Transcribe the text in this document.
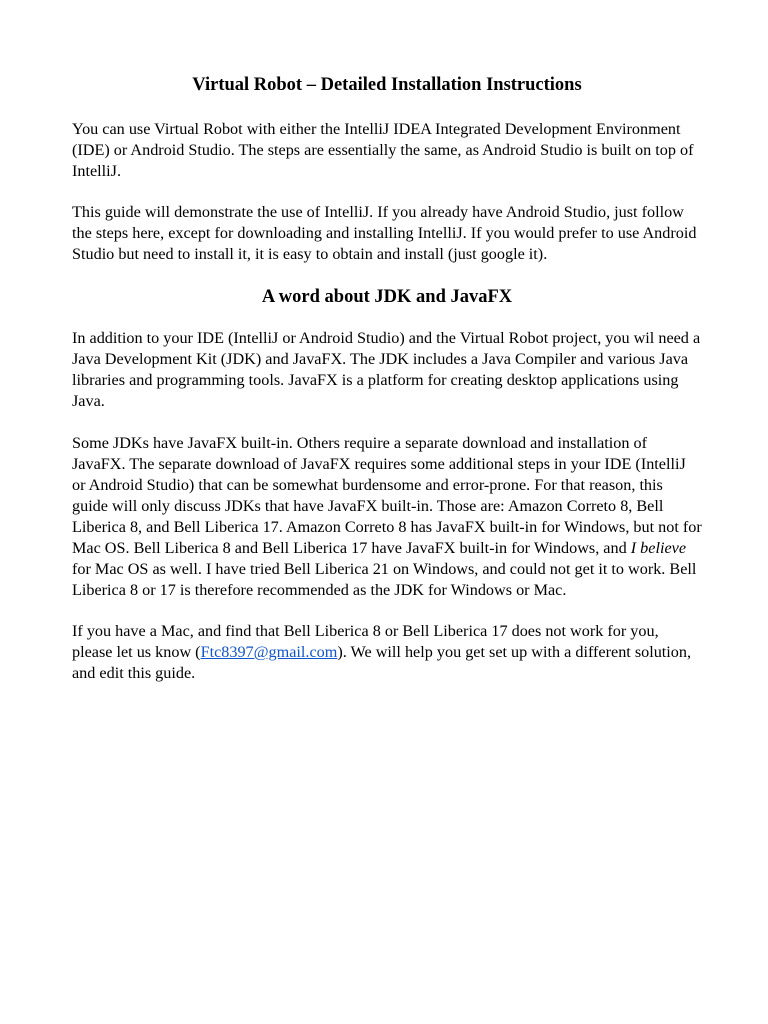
Virtual Robot – Detailed Installation Instructions

You can use Virtual Robot with either the IntelliJ IDEA Integrated Development Environment (IDE) or Android Studio. The steps are essentially the same, as Android Studio is built on top of IntelliJ.

This guide will demonstrate the use of IntelliJ. If you already have Android Studio, just follow the steps here, except for downloading and installing IntelliJ. If you would prefer to use Android Studio but need to install it, it is easy to obtain and install (just google it).

A word about JDK and JavaFX

In addition to your IDE (IntelliJ or Android Studio) and the Virtual Robot project, you wil need a Java Development Kit (JDK) and JavaFX. The JDK includes a Java Compiler and various Java libraries and programming tools. JavaFX is a platform for creating desktop applications using Java.

Some JDKs have JavaFX built-in. Others require a separate download and installation of JavaFX. The separate download of JavaFX requires some additional steps in your IDE (IntelliJ or Android Studio) that can be somewhat burdensome and error-prone. For that reason, this guide will only discuss JDKs that have JavaFX built-in. Those are: Amazon Correto 8, Bell Liberica 8, and Bell Liberica 17. Amazon Correto 8 has JavaFX built-in for Windows, but not for Mac OS. Bell Liberica 8 and Bell Liberica 17 have JavaFX built-in for Windows, and I believe for Mac OS as well. I have tried Bell Liberica 21 on Windows, and could not get it to work. Bell Liberica 8 or 17 is therefore recommended as the JDK for Windows or Mac.

If you have a Mac, and find that Bell Liberica 8 or Bell Liberica 17 does not work for you, please let us know (Ftc8397@gmail.com). We will help you get set up with a different solution, and edit this guide.
